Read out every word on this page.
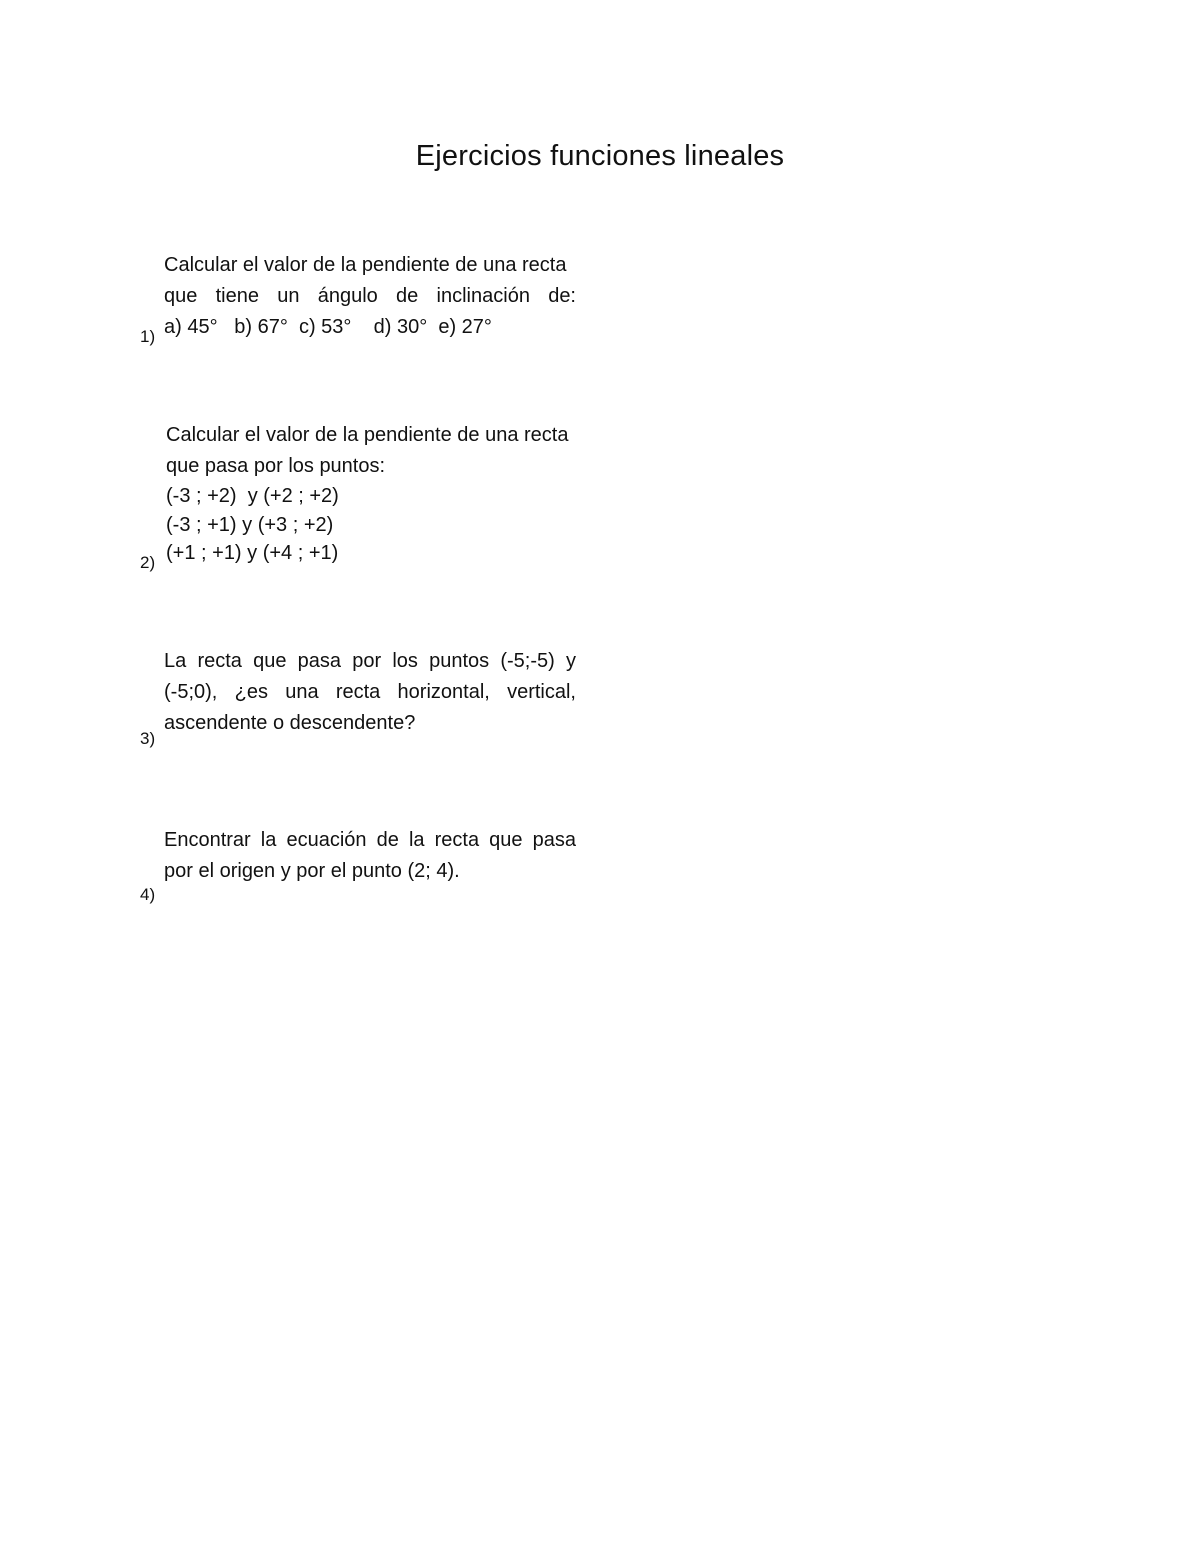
Ejercicios funciones lineales
1)
Calcular el valor de la pendiente de una recta
que tiene un ángulo de inclinación de:
a) 45°   b) 67°  c) 53°    d) 30°  e) 27°
2)
Calcular el valor de la pendiente de una recta
que pasa por los puntos:
(-3 ; +2)  y (+2 ; +2)
(-3 ; +1) y (+3 ; +2)
(+1 ; +1) y (+4 ; +1)
3)
La recta que pasa por los puntos (-5;-5) y
(-5;0), ¿es una recta horizontal, vertical,
ascendente o descendente?
4)
Encontrar la ecuación de la recta que pasa
por el origen y por el punto (2; 4).
